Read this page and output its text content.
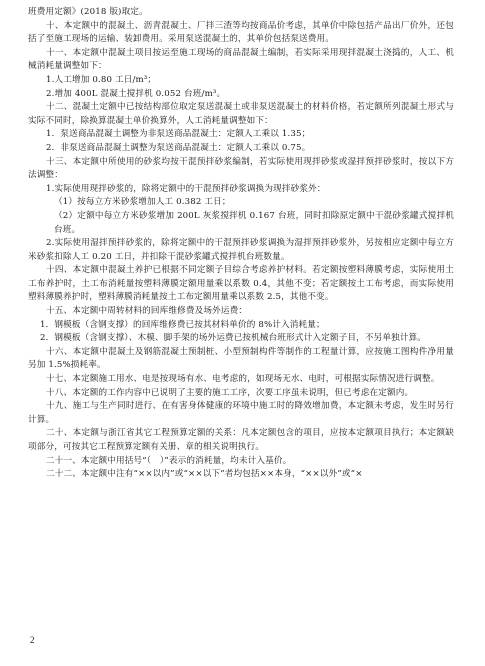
班费用定额》(2018 版)取定。

十、本定额中的混凝土、沥青混凝土、厂拌三渣等均按商品价考虑，其单价中除包括产品出厂价外，还包括了至施工现场的运输、装卸费用。采用泵送混凝土的，其单价包括泵送费用。

十一、本定额中混凝土项目按运至施工现场的商品混凝土编制，若实际采用现拌混凝土浇捣的，人工、机械消耗量调整如下：

1.人工增加 0.80 工日/m³；

2.增加 400L 混凝土搅拌机 0.052 台班/m³。

十二、混凝土定额中已按结构部位取定泵送混凝土或非泵送混凝土的材料价格，若定额所列混凝土形式与实际不同时，除换算混凝土单价换算外，人工消耗量调整如下：

1．泵送商品混凝土调整为非泵送商品混凝土：定额人工乘以 1.35；

2．非泵送商品混凝土调整为泵送商品混凝土：定额人工乘以 0.75。

十三、本定额中所使用的砂浆均按干混预拌砂浆编制，若实际使用现拌砂浆或湿拌预拌砂浆时，按以下方法调整：

1.实际使用现拌砂浆的，除将定额中的干混预拌砂浆调换为现拌砂浆外：

（1）按每立方米砂浆增加人工 0.382 工日；

（2）定额中每立方米砂浆增加 200L 灰浆搅拌机 0.167 台班，同时扣除原定额中干混砂浆罐式搅拌机台班。

2.实际使用湿拌预拌砂浆的，除将定额中的干混预拌砂浆调换为湿拌预拌砂浆外，另按相应定额中每立方米砂浆扣除人工 0.20 工日，并扣除干混砂浆罐式搅拌机台班数量。

十四、本定额中混凝土养护已根据不同定额子目综合考虑养护材料。若定额按塑料薄膜考虑，实际使用土工布养护时，土工布消耗量按塑料薄膜定额用量乘以系数 0.4，其他不变；若定额按土工布考虑，而实际使用塑料薄膜养护时，塑料薄膜消耗量按土工布定额用量乘以系数 2.5，其他不变。

十五、本定额中周转材料的回库维修费及场外运费：

1．钢模板（含钢支撑）的回库维修费已按其材料单价的 8%计入消耗量；

2．钢模板（含钢支撑）、木模、脚手架的场外运费已按机械台班形式计入定额子目，不另单独计算。

十六、本定额中混凝土及钢筋混凝土预制桩、小型预制构件等制作的工程量计算，应按施工图构件净用量另加 1.5%损耗率。

十七、本定额施工用水、电是按现场有水、电考虑的，如现场无水、电时，可根据实际情况进行调整。

十八、本定额的工作内容中已说明了主要的施工工序，次要工序虽未说明，但已考虑在定额内。

十九、施工与生产同时进行、在有害身体健康的环境中施工时的降效增加费，本定额未考虑，发生时另行计算。

二十、本定额与浙江省其它工程预算定额的关系：凡本定额包含的项目，应按本定额项目执行；本定额缺项部分，可按其它工程预算定额有关册、章的相关说明执行。

二十一、本定额中用括号“（　）”表示的消耗量，均未计入基价。

二十二、本定额中注有“××以内”或“××以下”者均包括××本身，“××以外”或“×

2
